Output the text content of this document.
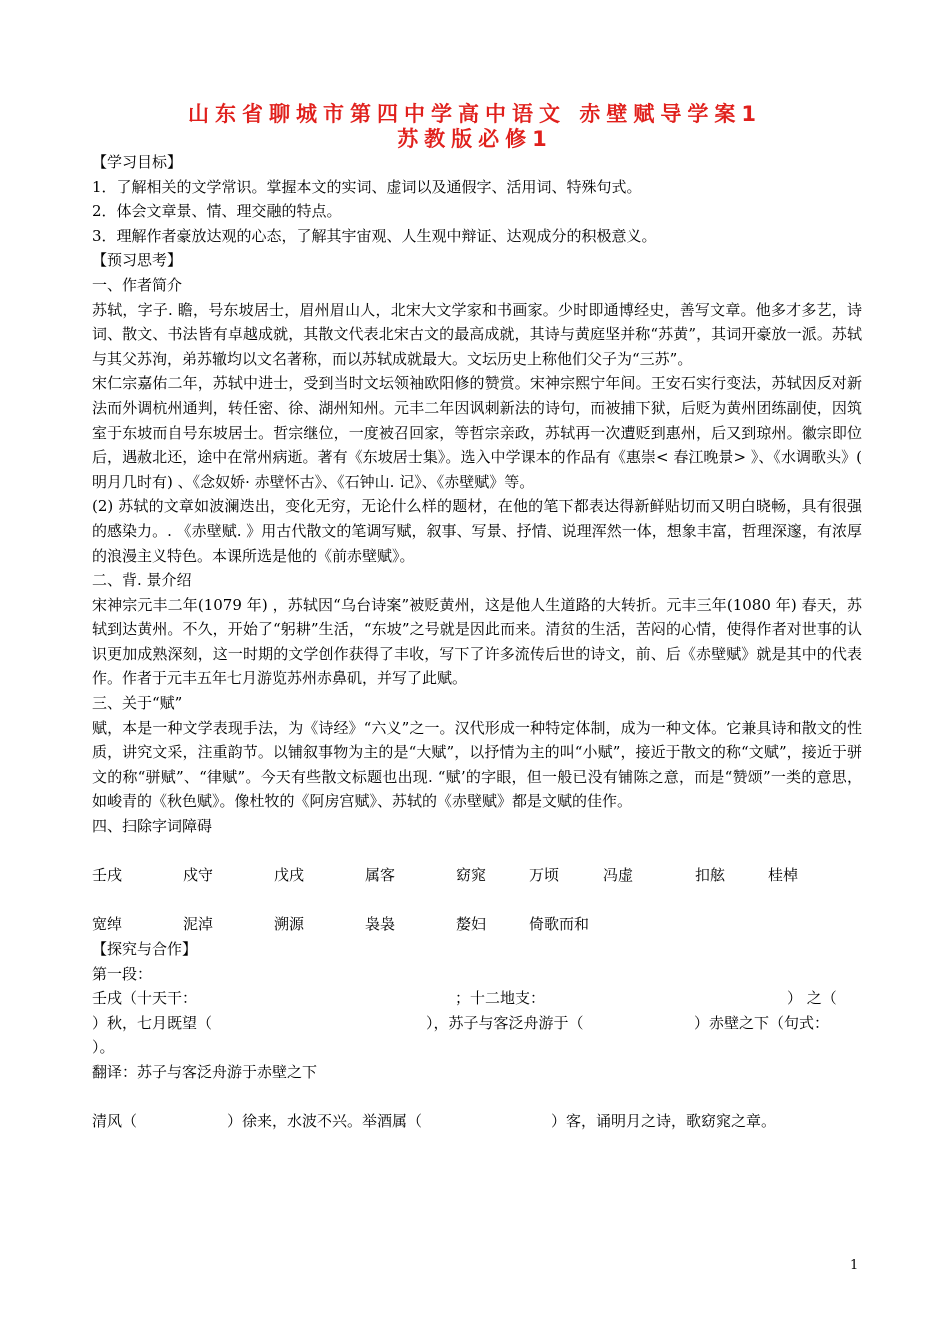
山东省聊城市第四中学高中语文 赤壁赋导学案1
苏教版必修1

【学习目标】

1．了解相关的文学常识。掌握本文的实词、虚词以及通假字、活用词、特殊句式。

2．体会文章景、情、理交融的特点。

3．理解作者豪放达观的心态，了解其宇宙观、人生观中辩证、达观成分的积极意义。

【预习思考】

一、作者简介

苏轼，字子. 瞻，号东坡居士，眉州眉山人，北宋大文学家和书画家。少时即通博经史，善写文章。他多才多艺，诗词、散文、书法皆有卓越成就，其散文代表北宋古文的最高成就，其诗与黄庭坚并称“苏黄”，其词开豪放一派。苏轼与其父苏洵，弟苏辙均以文名著称，而以苏轼成就最大。文坛历史上称他们父子为“三苏”。

宋仁宗嘉佑二年，苏轼中进士，受到当时文坛领袖欧阳修的赞赏。宋神宗熙宁年间。王安石实行变法，苏轼因反对新法而外调杭州通判，转任密、徐、湖州知州。元丰二年因讽刺新法的诗句，而被捕下狱，后贬为黄州团练副使，因筑室于东坡而自号东坡居士。哲宗继位，一度被召回家，等哲宗亲政，苏轼再一次遭贬到惠州，后又到琼州。徽宗即位后，遇赦北还，途中在常州病逝。著有《东坡居士集》。选入中学课本的作品有《惠崇< 春江晚景> 》、《水调歌头》( 明月几时有) 、《念奴娇· 赤壁怀古》、《石钟山. 记》、《赤壁赋》等。

(2) 苏轼的文章如波澜迭出，变化无穷，无论什么样的题材，在他的笔下都表达得新鲜贴切而又明白晓畅，具有很强的感染力。. 《赤壁赋. 》用古代散文的笔调写赋，叙事、写景、抒情、说理浑然一体，想象丰富，哲理深邃，有浓厚的浪漫主义特色。本课所选是他的《前赤壁赋》。

二、背. 景介绍

宋神宗元丰二年(1079 年) ，苏轼因“乌台诗案”被贬黄州，这是他人生道路的大转折。元丰三年(1080 年) 春天，苏轼到达黄州。不久，开始了“躬耕”生活，“东坡”之号就是因此而来。清贫的生活，苦闷的心情，使得作者对世事的认识更加成熟深刻，这一时期的文学创作获得了丰收，写下了许多流传后世的诗文，前、后《赤壁赋》就是其中的代表作。作者于元丰五年七月游览苏州赤鼻矶，并写了此赋。

三、关于“赋”

赋，本是一种文学表现手法，为《诗经》“六义”之一。汉代形成一种特定体制，成为一种文体。它兼具诗和散文的性质，讲究文采，注重韵节。以铺叙事物为主的是“大赋”，以抒情为主的叫“小赋”，接近于散文的称“文赋”，接近于骈文的称“骈赋”、“律赋”。今天有些散文标题也出现. “赋’的字眼，但一般已没有铺陈之意，而是“赞颂”一类的意思，如峻青的《秋色赋》。像杜牧的《阿房宫赋》、苏轼的《赤壁赋》都是文赋的佳作。

四、扫除字词障碍

壬戌	戍守	戊戌	属客	窈窕	万顷	冯虚	扣舷	桂棹
宽绰	泥淖	溯源	袅袅	嫠妇	倚歌而和

【探究与合作】

第一段：

壬戌（十天干：	；十二地支：	） 之（
）秋，七月既望（	），苏子与客泛舟游于（	）赤壁之下（句式：

）。

翻译：苏子与客泛舟游于赤壁之下

清风（	）徐来，水波不兴。举酒属（	）客，诵明月之诗，歌窈窕之章。
1
